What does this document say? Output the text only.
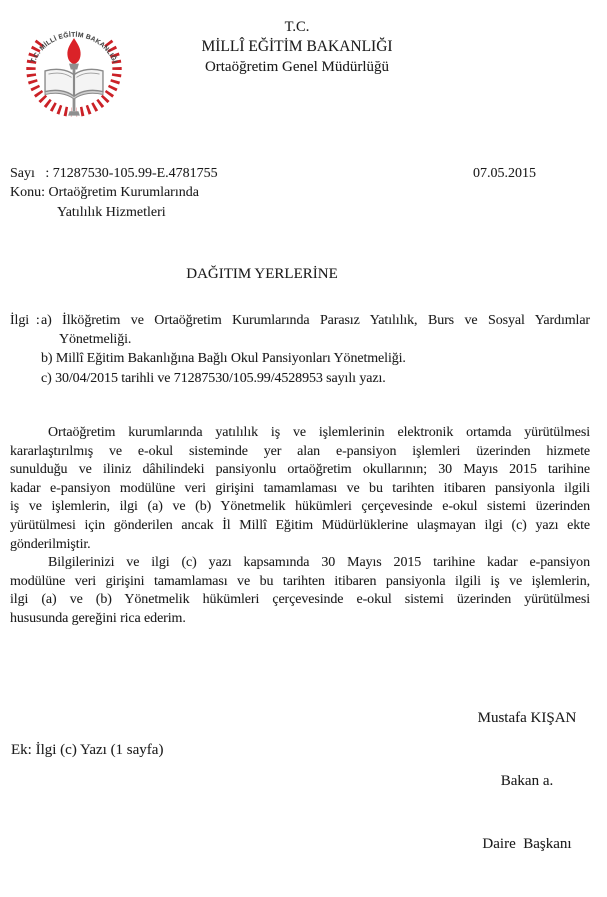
T.C. MİLLİ EĞİTİM BAKANLIĞI
T.C.
MİLLÎ EĞİTİM BAKANLIĞI
Ortaöğretim Genel Müdürlüğü
Sayı   : 71287530-105.99-E.4781755	07.05.2015
Konu: Ortaöğretim Kurumlarında
Yatılılık Hizmetleri
DAĞITIM YERLERİNE
İlgi  : a) İlköğretim ve Ortaöğretim Kurumlarında Parasız Yatılılık, Burs ve Sosyal Yardımlar
Yönetmeliği.
b) Millî Eğitim Bakanlığına Bağlı Okul Pansiyonları Yönetmeliği.
c) 30/04/2015 tarihli ve 71287530/105.99/4528953 sayılı yazı.
Ortaöğretim kurumlarında yatılılık iş ve işlemlerinin elektronik ortamda yürütülmesi
kararlaştırılmış ve e-okul sisteminde yer alan e-pansiyon işlemleri üzerinden hizmete
sunulduğu ve iliniz dâhilindeki pansiyonlu ortaöğretim okullarının; 30 Mayıs 2015 tarihine
kadar e-pansiyon modülüne veri girişini tamamlaması ve bu tarihten itibaren pansiyonla ilgili
iş ve işlemlerin, ilgi (a) ve (b) Yönetmelik hükümleri çerçevesinde e-okul sistemi üzerinden
yürütülmesi için gönderilen ancak İl Millî Eğitim Müdürlüklerine ulaşmayan ilgi (c) yazı ekte
gönderilmiştir.
Bilgilerinizi ve ilgi (c) yazı kapsamında 30 Mayıs 2015 tarihine kadar e-pansiyon
modülüne veri girişini tamamlaması ve bu tarihten itibaren pansiyonla ilgili iş ve işlemlerin,
ilgi (a) ve (b) Yönetmelik hükümleri çerçevesinde e-okul sistemi üzerinden yürütülmesi
hususunda gereğini rica ederim.

Mustafa KIŞAN

Bakan a.

Daire  Başkanı

Ek: İlgi (c) Yazı (1 sayfa)
